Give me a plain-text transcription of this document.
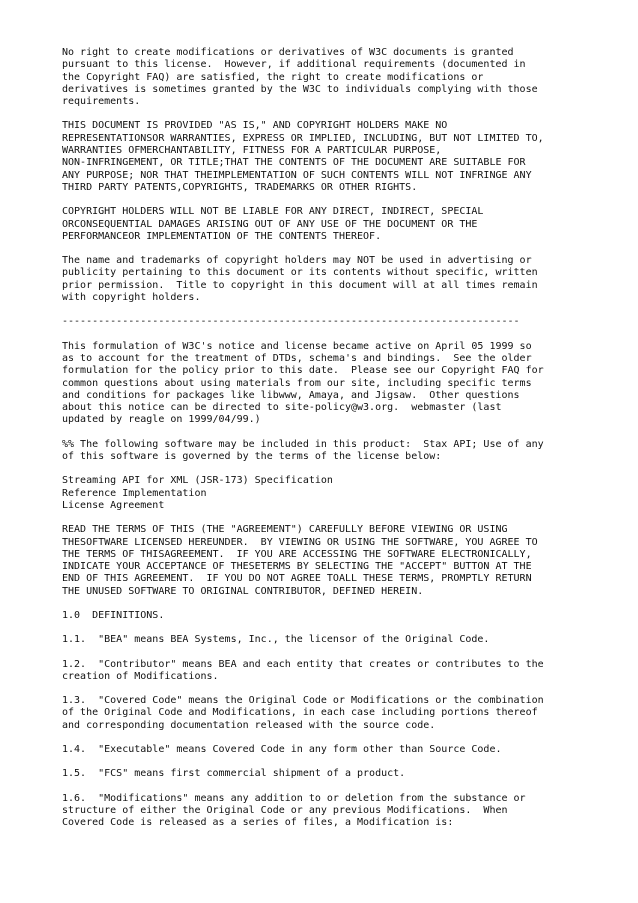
No right to create modifications or derivatives of W3C documents is granted
pursuant to this license.  However, if additional requirements (documented in
the Copyright FAQ) are satisfied, the right to create modifications or
derivatives is sometimes granted by the W3C to individuals complying with those
requirements.
THIS DOCUMENT IS PROVIDED "AS IS," AND COPYRIGHT HOLDERS MAKE NO
REPRESENTATIONSOR WARRANTIES, EXPRESS OR IMPLIED, INCLUDING, BUT NOT LIMITED TO,
WARRANTIES OFMERCHANTABILITY, FITNESS FOR A PARTICULAR PURPOSE,
NON-INFRINGEMENT, OR TITLE;THAT THE CONTENTS OF THE DOCUMENT ARE SUITABLE FOR
ANY PURPOSE; NOR THAT THEIMPLEMENTATION OF SUCH CONTENTS WILL NOT INFRINGE ANY
THIRD PARTY PATENTS,COPYRIGHTS, TRADEMARKS OR OTHER RIGHTS.
COPYRIGHT HOLDERS WILL NOT BE LIABLE FOR ANY DIRECT, INDIRECT, SPECIAL
ORCONSEQUENTIAL DAMAGES ARISING OUT OF ANY USE OF THE DOCUMENT OR THE
PERFORMANCEOR IMPLEMENTATION OF THE CONTENTS THEREOF.
The name and trademarks of copyright holders may NOT be used in advertising or
publicity pertaining to this document or its contents without specific, written
prior permission.  Title to copyright in this document will at all times remain
with copyright holders.
----------------------------------------------------------------------------
This formulation of W3C's notice and license became active on April 05 1999 so
as to account for the treatment of DTDs, schema's and bindings.  See the older
formulation for the policy prior to this date.  Please see our Copyright FAQ for
common questions about using materials from our site, including specific terms
and conditions for packages like libwww, Amaya, and Jigsaw.  Other questions
about this notice can be directed to site-policy@w3.org.  webmaster (last
updated by reagle on 1999/04/99.)
%% The following software may be included in this product:  Stax API; Use of any
of this software is governed by the terms of the license below:
Streaming API for XML (JSR-173) Specification
Reference Implementation
License Agreement
READ THE TERMS OF THIS (THE "AGREEMENT") CAREFULLY BEFORE VIEWING OR USING
THESOFTWARE LICENSED HEREUNDER.  BY VIEWING OR USING THE SOFTWARE, YOU AGREE TO
THE TERMS OF THISAGREEMENT.  IF YOU ARE ACCESSING THE SOFTWARE ELECTRONICALLY,
INDICATE YOUR ACCEPTANCE OF THESETERMS BY SELECTING THE "ACCEPT" BUTTON AT THE
END OF THIS AGREEMENT.  IF YOU DO NOT AGREE TOALL THESE TERMS, PROMPTLY RETURN
THE UNUSED SOFTWARE TO ORIGINAL CONTRIBUTOR, DEFINED HEREIN.
1.0  DEFINITIONS.
1.1.  "BEA" means BEA Systems, Inc., the licensor of the Original Code.
1.2.  "Contributor" means BEA and each entity that creates or contributes to the
creation of Modifications.
1.3.  "Covered Code" means the Original Code or Modifications or the combination
of the Original Code and Modifications, in each case including portions thereof
and corresponding documentation released with the source code.
1.4.  "Executable" means Covered Code in any form other than Source Code.
1.5.  "FCS" means first commercial shipment of a product.
1.6.  "Modifications" means any addition to or deletion from the substance or
structure of either the Original Code or any previous Modifications.  When
Covered Code is released as a series of files, a Modification is:
